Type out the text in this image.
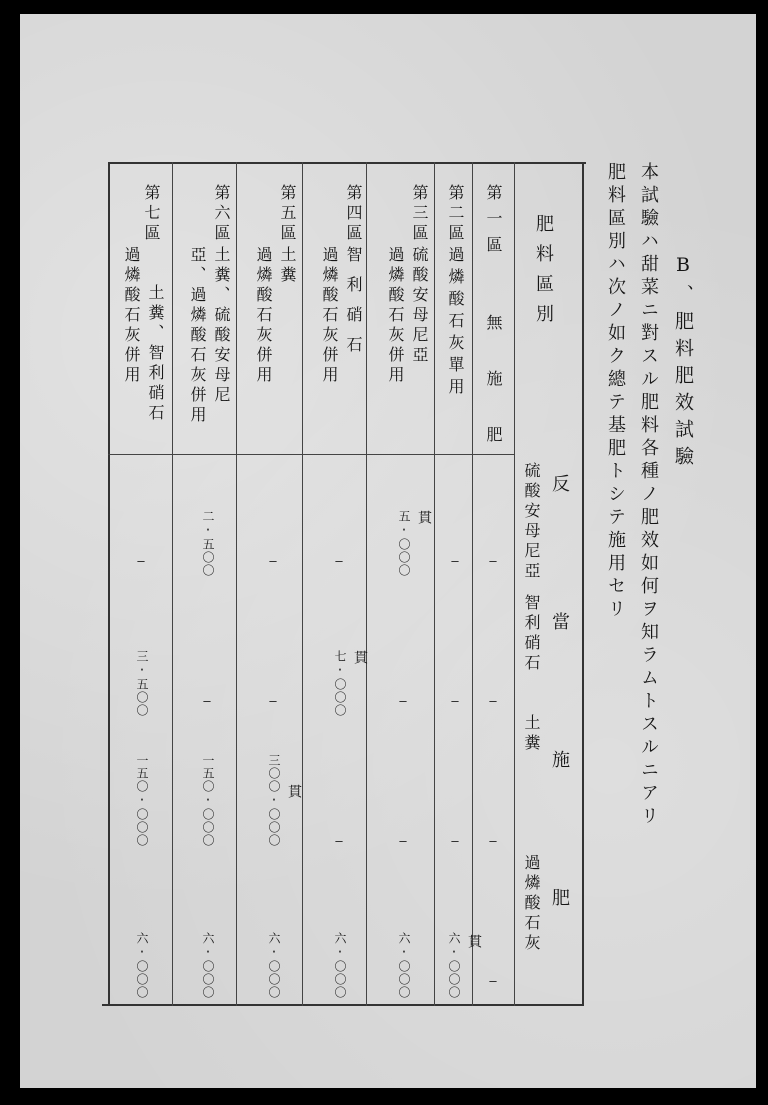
B、肥料肥效試驗
本試驗ハ甜菜ニ對スル肥料各種ノ肥效如何ヲ知ラムトスルニアリ
肥料區別ハ次ノ如ク總テ基肥トシテ施用セリ
肥料區別
反當施肥
硫酸安母尼亞
智利硝石
土糞
過燐酸石灰
第一區
無施肥
—
—
—
—
第二區
過燐酸石灰單用
—
—
—
六·〇〇〇 貫
第三區
硫酸安母尼亞
過燐酸石灰併用
五·〇〇〇 貫
—
—
六·〇〇〇
第四區
智利硝石
過燐酸石灰併用
—
七·〇〇〇 貫
—
六·〇〇〇
第五區
土糞
過燐酸石灰併用
—
—
三〇〇·〇〇〇 貫
六·〇〇〇
第六區
土糞、硫酸安母尼
亞、過燐酸石灰併用
二·五〇〇
—
一五〇·〇〇〇
六·〇〇〇
第七區
土糞、智利硝石
過燐酸石灰併用
—
三·五〇〇
一五〇·〇〇〇
六·〇〇〇
